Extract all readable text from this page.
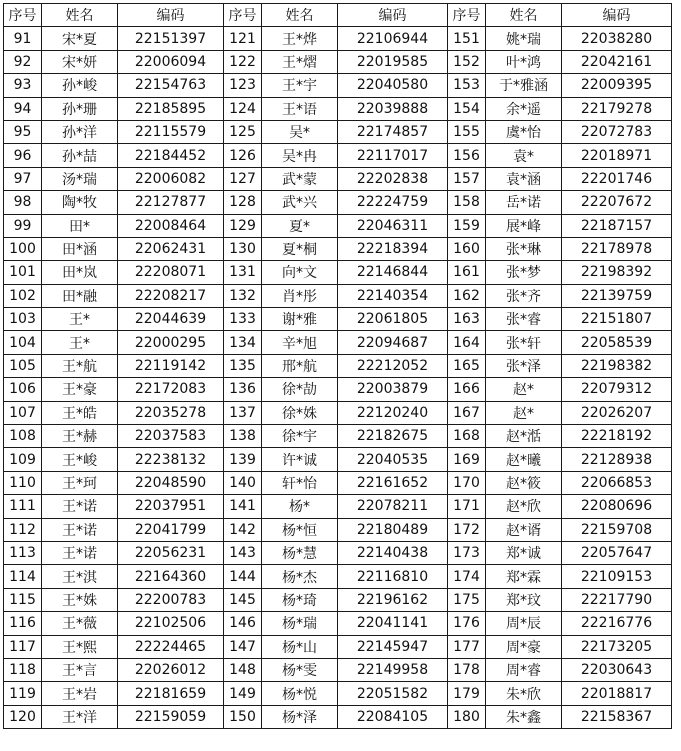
序号	姓名	编码	序号	姓名	编码	序号	姓名	编码
91	宋*夏	22151397	121	王*烨	22106944	151	姚*瑞	22038280
92	宋*妍	22006094	122	王*熠	22019585	152	叶*鸿	22042161
93	孙*峻	22154763	123	王*宇	22040580	153	于*雅涵	22009395
94	孙*珊	22185895	124	王*语	22039888	154	余*遥	22179278
95	孙*洋	22115579	125	吴*	22174857	155	虞*怡	22072783
96	孙*喆	22184452	126	吴*冉	22117017	156	袁*	22018971
97	汤*瑞	22006082	127	武*蒙	22202838	157	袁*涵	22201746
98	陶*牧	22127877	128	武*兴	22224759	158	岳*诺	22207672
99	田*	22008464	129	夏*	22046311	159	展*峰	22187157
100	田*涵	22062431	130	夏*桐	22218394	160	张*琳	22178978
101	田*岚	22208071	131	向*文	22146844	161	张*梦	22198392
102	田*融	22208217	132	肖*彤	22140354	162	张*齐	22139759
103	王*	22044639	133	谢*雅	22061805	163	张*睿	22151807
104	王*	22000295	134	辛*旭	22094687	164	张*轩	22058539
105	王*航	22119142	135	邢*航	22212052	165	张*泽	22198382
106	王*豪	22172083	136	徐*劼	22003879	166	赵*	22079312
107	王*皓	22035278	137	徐*姝	22120240	167	赵*	22026207
108	王*赫	22037583	138	徐*宇	22182675	168	赵*湉	22218192
109	王*峻	22238132	139	许*诚	22040535	169	赵*曦	22128938
110	王*珂	22048590	140	轩*怡	22161652	170	赵*筱	22066853
111	王*诺	22037951	141	杨*	22078211	171	赵*欣	22080696
112	王*诺	22041799	142	杨*恒	22180489	172	赵*谞	22159708
113	王*诺	22056231	143	杨*慧	22140438	173	郑*诚	22057647
114	王*淇	22164360	144	杨*杰	22116810	174	郑*霖	22109153
115	王*姝	22200783	145	杨*琦	22196162	175	郑*玟	22217790
116	王*薇	22102506	146	杨*瑞	22041141	176	周*辰	22216776
117	王*熙	22224465	147	杨*山	22145947	177	周*豪	22173205
118	王*言	22026012	148	杨*雯	22149958	178	周*睿	22030643
119	王*岩	22181659	149	杨*悦	22051582	179	朱*欣	22018817
120	王*洋	22159059	150	杨*泽	22084105	180	朱*鑫	22158367
